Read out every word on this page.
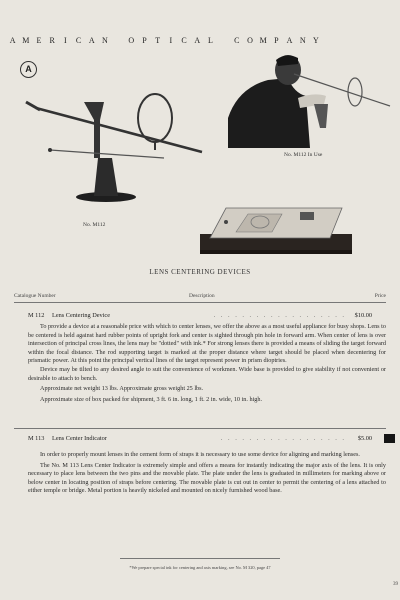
A M E R I C A N	O P T I C A L	C O M P A N Y
A
No. M112
No. M112 In Use
LENS CENTERING DEVICES
Catalogue Number	Description	Price
M 112 Lens Centering Device	. . . . . . . . . . . . . . . . . . . $10.00

To provide a device at a reasonable price with which to center lenses, we offer the above as a most useful appliance for busy shops. Lens to be centered is held against hard rubber points of upright fork and center is sighted through pin hole in forward arm. When center of lens is over intersection of principal cross lines, the lens may be "dotted" with ink.* For strong lenses there is provided a means of sliding the target forward within the focal distance. The rod supporting target is marked at the proper distance where target should be placed when decentering for prismatic power. At this point the principal vertical lines of the target represent power in prism dioptries.

Device may be tilted to any desired angle to suit the convenience of workmen. Wide base is provided to give stability if not convenient or desirable to attach to bench.

Approximate net weight 13 lbs. Approximate gross weight 25 lbs.

Approximate size of box packed for shipment, 3 ft. 6 in. long, 1 ft. 2 in. wide, 10 in. high.

M 113 Lens Center Indicator	. . . . . . . . . . . . . . . . . . $5.00

In order to properly mount lenses in the cement form of straps it is necessary to use some device for aligning and marking lenses.

The No. M 113 Lens Center Indicator is extremely simple and offers a means for instantly indicating the major axis of the lens. It is only necessary to place lens between the two pins and the movable plate. The plate under the lens is graduated in millimeters for marking above or below center in locating position of straps before centering. The movable plate is cut out in center to permit the centering of a lens attached to either temple or bridge. Metal portion is heavily nickeled and mounted on nicely furnished wood base.

*We prepare special ink for centering and axis marking, see No. M 320, page 47
39
